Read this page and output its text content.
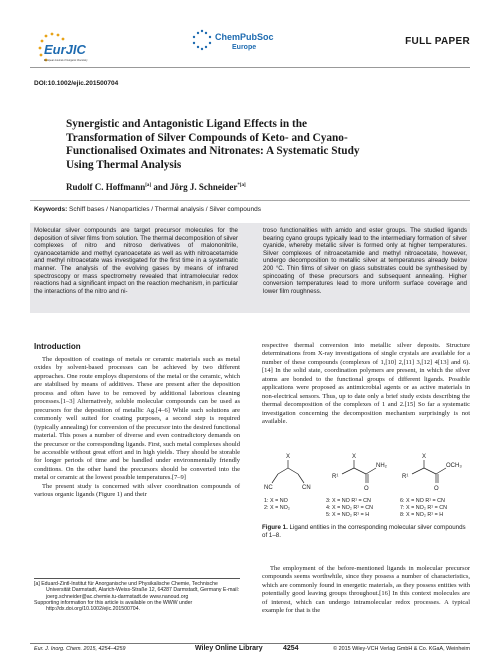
EurJIC
European Journal of Inorganic Chemistry
ChemPubSoc
Europe
FULL PAPER
DOI:10.1002/ejic.201500704
Synergistic and Antagonistic Ligand Effects in the Transformation of Silver Compounds of Keto- and Cyano-Functionalised Oximates and Nitronates: A Systematic Study Using Thermal Analysis
Rudolf C. Hoffmann[a] and Jörg J. Schneider$^{*[a]}$
Keywords: Schiff bases / Nanoparticles / Thermal analysis / Silver compounds
Molecular silver compounds are target precursor molecules for the deposition of silver films from solution. The thermal decomposition of silver complexes of nitro and nitroso derivatives of malononitrile, cyanoacetamide and methyl cyanoacetate as well as with nitroacetamide and methyl nitroacetate was investigated for the first time in a systematic manner. The analysis of the evolving gases by means of infrared spectroscopy or mass spectrometry revealed that intramolecular redox reactions had a significant impact on the reaction mechanism, in particular the interactions of the nitro and ni-
troso functionalities with amido and ester groups. The studied ligands bearing cyano groups typically lead to the intermediary formation of silver cyanide, whereby metallic silver is formed only at higher temperatures. Silver complexes of nitroacetamide and methyl nitroacetate, however, undergo decomposition to metallic silver at temperatures already below 200 °C. Thin films of silver on glass substrates could be synthesised by spincoating of these precursors and subsequent annealing. Higher conversion temperatures lead to more uniform surface coverage and lower film roughness.
Introduction

The deposition of coatings of metals or ceramic materials such as metal oxides by solvent-based processes can be achieved by two different approaches. One route employs dispersions of the metal or the ceramic, which are stabilised by means of additives. These are present after the deposition process and often have to be removed by additional laborious cleaning processes.[1–3] Alternatively, soluble molecular compounds can be used as precursors for the deposition of metallic Ag.[4–6] While such solutions are commonly well suited for coating purposes, a second step is required (typically annealing) for conversion of the precursor into the desired functional material. This poses a number of diverse and even contradictory demands on the precursor or the corresponding ligands. First, such metal complexes should be accessible without great effort and in high yields. They should be storable for longer periods of time and be handled under environmentally friendly conditions. On the other hand the precursors should be converted into the metal or ceramic at the lowest possible temperatures.[7–9]

The present study is concerned with silver coordination compounds of various organic ligands (Figure 1) and their

respective thermal conversion into metallic silver deposits. Structure determinations from X-ray investigations of single crystals are available for a number of these compounds (complexes of 1,[10] 2,[11] 3,[12] 4[13] and 6).[14] In the solid state, coordination polymers are present, in which the silver atoms are bonded to the functional groups of different ligands. Possible applications were proposed as antimicrobial agents or as active materials in non-electrical sensors. Thus, up to date only a brief study exists describing the thermal decomposition of the complexes of 1 and 2.[15] So far a systematic investigation concerning the decomposition mechanism surprisingly is not available.

X
NC	CN
X
R¹
O
NH₂
X
R¹
O
OCH₃
1: X = NO
2: X = NO₂
3: X = NO R¹ = CN
4: X = NO₂ R¹ = CN
5: X = NO₂ R¹ = H
6: X = NO R¹ = CN
7: X = NO₂ R¹ = CN
8: X = NO₂ R¹ = H
Figure 1. Ligand entities in the corresponding molecular silver compounds of 1–8.

The employment of the before-mentioned ligands in molecular precursor compounds seems worthwhile, since they possess a number of characteristics, which are commonly found in energetic materials, as they possess entities with potentially good leaving groups throughout.[16] In this context molecules are of interest, which can undergo intramolecular redox processes. A typical example for that is the

[a] Eduard-Zintl-Institut für Anorganische und Physikalische Chemie, Technische Universität Darmstadt, Alarich-Weiss-Straße 12, 64287 Darmstadt, Germany E-mail: joerg.schneider@ac.chemie.tu-darmstadt.de www.nanoud.org

Supporting information for this article is available on the WWW under http://dx.doi.org/10.1002/ejic.201500704.

Eur. J. Inorg. Chem. 2015, 4254–4259	Wiley Online Library	4254	© 2015 Wiley-VCH Verlag GmbH & Co. KGaA, Weinheim
